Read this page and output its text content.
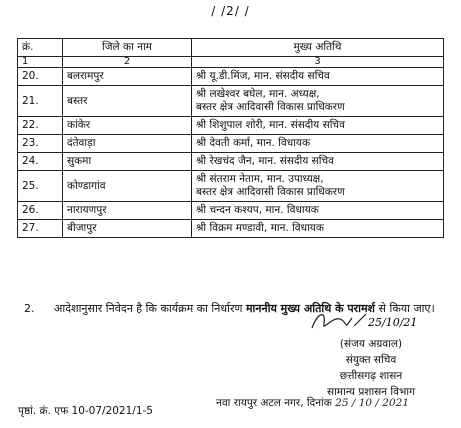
/ /2/ /
क्रं.	जिले का नाम	मुख्य अतिथि
1	2	3
20.	बलरामपुर	श्री यू.डी.मिंज, मान. संसदीय सचिव

21.	बस्तर	श्री लखेश्वर बघेल, मान. अध्यक्ष,
बस्तर क्षेत्र आदिवासी विकास प्राधिकरण

22.	कांकेर	श्री शिशुपाल शोरी, मान. संसदीय सचिव

23.	दंतेवाड़ा	श्री देवती कर्मा, मान. विधायक

24.	सुकमा	श्री रेखचंद जैन, मान. संसदीय सचिव

25.	कोण्डागांव	श्री संतराम नेताम, मान. उपाध्यक्ष,
बस्तर क्षेत्र आदिवासी विकास प्राधिकरण

26.	नारायणपुर	श्री चन्दन कश्यप, मान. विधायक

27.	बीजापुर	श्री विक्रम मण्डावी, मान. विधायक
2. आदेशानुसार निवेदन है कि कार्यक्रम का निर्धारण माननीय मुख्य अतिथि के परामर्श से किया जाए।
25/10/21
(संजय अग्रवाल)
संयुक्त सचिव
छत्तीसगढ़ शासन
सामान्य प्रशासन विभाग
पृष्ठां. क्रं. एफ 10-07/2021/1-5
नवा रायपुर अटल नगर, दिनांक 25 / 10 / 2021
